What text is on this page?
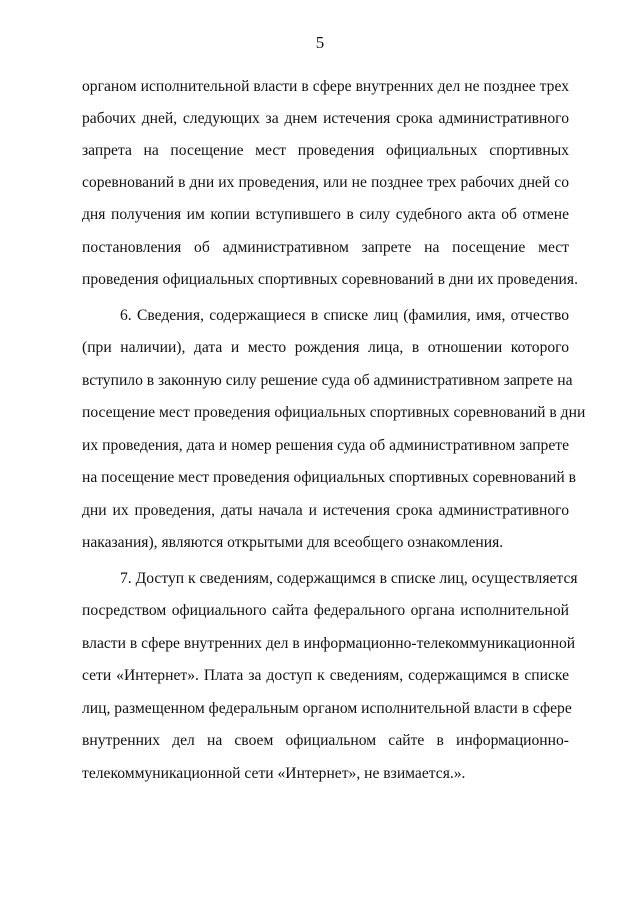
5
органом исполнительной власти в сфере внутренних дел не позднее трех
рабочих дней, следующих за днем истечения срока административного
запрета на посещение мест проведения официальных спортивных
соревнований в дни их проведения, или не позднее трех рабочих дней со
дня получения им копии вступившего в силу судебного акта об отмене
постановления об административном запрете на посещение мест
проведения официальных спортивных соревнований в дни их проведения.
6. Сведения, содержащиеся в списке лиц (фамилия, имя, отчество
(при наличии), дата и место рождения лица, в отношении которого
вступило в законную силу решение суда об административном запрете на
посещение мест проведения официальных спортивных соревнований в дни
их проведения, дата и номер решения суда об административном запрете
на посещение мест проведения официальных спортивных соревнований в
дни их проведения, даты начала и истечения срока административного
наказания), являются открытыми для всеобщего ознакомления.
7. Доступ к сведениям, содержащимся в списке лиц, осуществляется
посредством официального сайта федерального органа исполнительной
власти в сфере внутренних дел в информационно-телекоммуникационной
сети «Интернет». Плата за доступ к сведениям, содержащимся в списке
лиц, размещенном федеральным органом исполнительной власти в сфере
внутренних дел на своем официальном сайте в информационно-
телекоммуникационной сети «Интернет», не взимается.».
